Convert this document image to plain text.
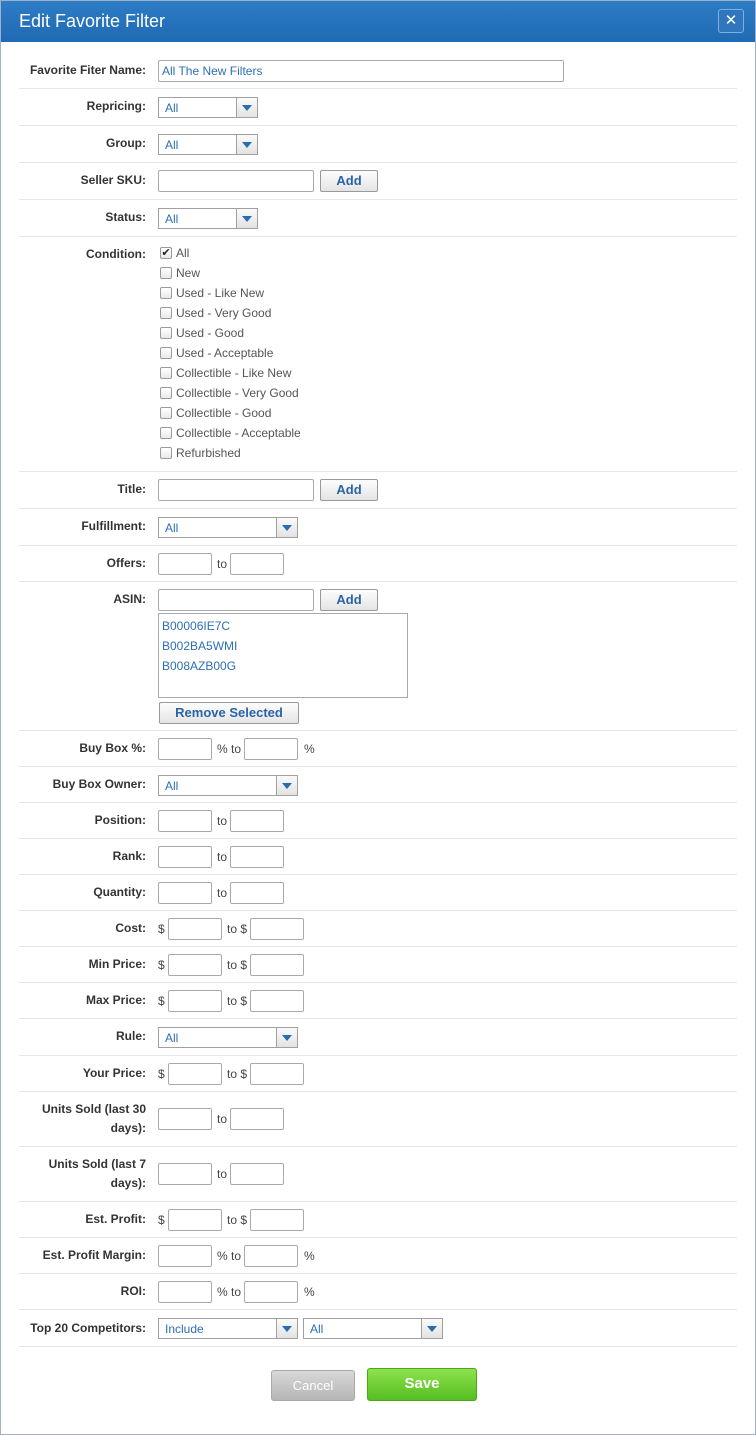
Edit Favorite Filter	✕
Favorite Fiter Name:
All The New Filters
Repricing: All
Group: All
Seller SKU:	Add
Status: All
Condition: ✔ All
New
Used - Like New
Used - Very Good
Used - Good
Used - Acceptable
Collectible - Like New
Collectible - Very Good
Collectible - Good
Collectible - Acceptable
Refurbished
Title:	Add
Fulfillment: All
Offers:	to
ASIN:	Add
B00006IE7C
B002BA5WMI
B008AZB00G
Remove Selected
Buy Box %:	% to	%
Buy Box Owner: All
Position:	to
Rank:	to
Quantity:	to
Cost: $	to $
Min Price: $	to $
Max Price: $	to $
Rule: All
Your Price: $	to $
Units Sold (last 30
days):
to
Units Sold (last 7
days):
to
Est. Profit: $	to $
Est. Profit Margin:	% to	%
ROI:	% to	%
Top 20 Competitors: Include	All
Cancel	Save
